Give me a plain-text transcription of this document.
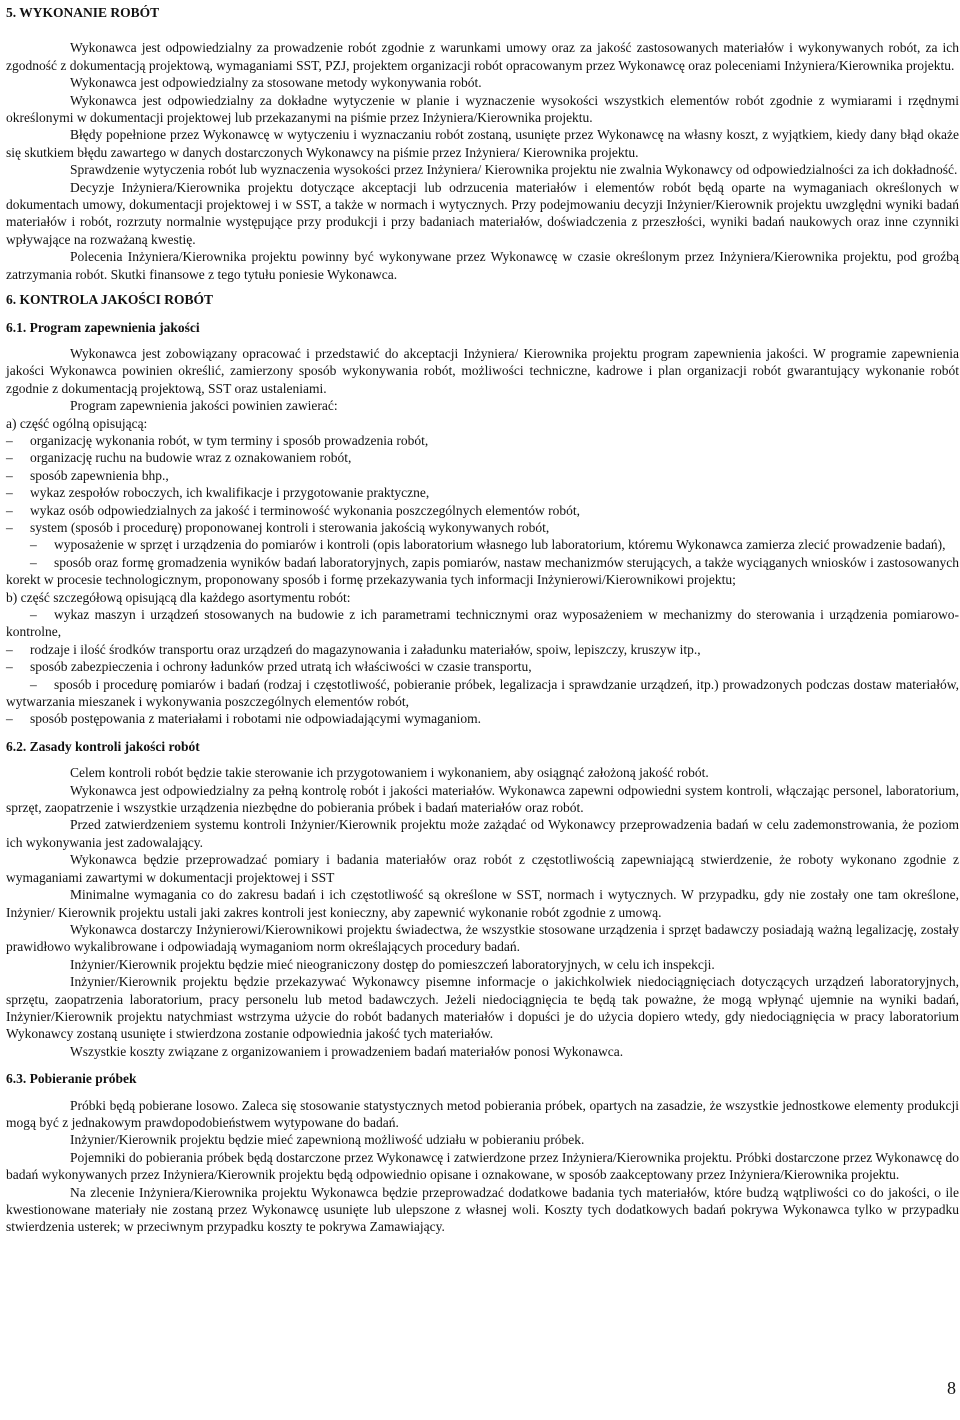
5. WYKONANIE ROBÓT

Wykonawca jest odpowiedzialny za prowadzenie robót zgodnie z warunkami umowy oraz za jakość zastosowanych materiałów i wykonywanych robót, za ich zgodność z dokumentacją projektową, wymaganiami SST, PZJ, projektem organizacji robót opracowanym przez Wykonawcę oraz poleceniami Inżyniera/Kierownika projektu.

Wykonawca jest odpowiedzialny za stosowane metody wykonywania robót.

Wykonawca jest odpowiedzialny za dokładne wytyczenie w planie i wyznaczenie wysokości wszystkich elementów robót zgodnie z wymiarami i rzędnymi określonymi w dokumentacji projektowej lub przekazanymi na piśmie przez Inżyniera/Kierownika projektu.

Błędy popełnione przez Wykonawcę w wytyczeniu i wyznaczaniu robót zostaną, usunięte przez Wykonawcę na własny koszt, z wyjątkiem, kiedy dany błąd okaże się skutkiem błędu zawartego w danych dostarczonych Wykonawcy na piśmie przez Inżyniera/ Kierownika projektu.

Sprawdzenie wytyczenia robót lub wyznaczenia wysokości przez Inżyniera/ Kierownika projektu nie zwalnia Wykonawcy od odpowiedzialności za ich dokładność.

Decyzje Inżyniera/Kierownika projektu dotyczące akceptacji lub odrzucenia materiałów i elementów robót będą oparte na wymaganiach określonych w dokumentach umowy, dokumentacji projektowej i w SST, a także w normach i wytycznych. Przy podejmowaniu decyzji Inżynier/Kierownik projektu uwzględni wyniki badań materiałów i robót, rozrzuty normalnie występujące przy produkcji i przy badaniach materiałów, doświadczenia z przeszłości, wyniki badań naukowych oraz inne czynniki wpływające na rozważaną kwestię.

Polecenia Inżyniera/Kierownika projektu powinny być wykonywane przez Wykonawcę w czasie określonym przez Inżyniera/Kierownika projektu, pod groźbą zatrzymania robót. Skutki finansowe z tego tytułu poniesie Wykonawca.

6. KONTROLA JAKOŚCI ROBÓT
6.1. Program zapewnienia jakości

Wykonawca jest zobowiązany opracować i przedstawić do akceptacji Inżyniera/ Kierownika projektu program zapewnienia jakości. W programie zapewnienia jakości Wykonawca powinien określić, zamierzony sposób wykonywania robót, możliwości techniczne, kadrowe i plan organizacji robót gwarantujący wykonanie robót zgodnie z dokumentacją projektową, SST oraz ustaleniami.

Program zapewnienia jakości powinien zawierać:

a) część ogólną opisującą:

– organizację wykonania robót, w tym terminy i sposób prowadzenia robót,
– organizację ruchu na budowie wraz z oznakowaniem robót,
– sposób zapewnienia bhp.,
– wykaz zespołów roboczych, ich kwalifikacje i przygotowanie praktyczne,
– wykaz osób odpowiedzialnych za jakość i terminowość wykonania poszczególnych elementów robót,
– system (sposób i procedurę) proponowanej kontroli i sterowania jakością wykonywanych robót,
– wyposażenie w sprzęt i urządzenia do pomiarów i kontroli (opis laboratorium własnego lub laboratorium, któremu Wykonawca zamierza zlecić prowadzenie badań),
– sposób oraz formę gromadzenia wyników badań laboratoryjnych, zapis pomiarów, nastaw mechanizmów sterujących, a także wyciąganych wniosków i zastosowanych korekt w procesie technologicznym, proponowany sposób i formę przekazywania tych informacji Inżynierowi/Kierownikowi projektu;

b) część szczegółową opisującą dla każdego asortymentu robót:

– wykaz maszyn i urządzeń stosowanych na budowie z ich parametrami technicznymi oraz wyposażeniem w mechanizmy do sterowania i urządzenia pomiarowo-kontrolne,
– rodzaje i ilość środków transportu oraz urządzeń do magazynowania i załadunku materiałów, spoiw, lepiszczy, kruszyw itp.,
– sposób zabezpieczenia i ochrony ładunków przed utratą ich właściwości w czasie transportu,
– sposób i procedurę pomiarów i badań (rodzaj i częstotliwość, pobieranie próbek, legalizacja i sprawdzanie urządzeń, itp.) prowadzonych podczas dostaw materiałów, wytwarzania mieszanek i wykonywania poszczególnych elementów robót,
– sposób postępowania z materiałami i robotami nie odpowiadającymi wymaganiom.
6.2. Zasady kontroli jakości robót

Celem kontroli robót będzie takie sterowanie ich przygotowaniem i wykonaniem, aby osiągnąć założoną jakość robót.

Wykonawca jest odpowiedzialny za pełną kontrolę robót i jakości materiałów. Wykonawca zapewni odpowiedni system kontroli, włączając personel, laboratorium, sprzęt, zaopatrzenie i wszystkie urządzenia niezbędne do pobierania próbek i badań materiałów oraz robót.

Przed zatwierdzeniem systemu kontroli Inżynier/Kierownik projektu może zażądać od Wykonawcy przeprowadzenia badań w celu zademonstrowania, że poziom ich wykonywania jest zadowalający.

Wykonawca będzie przeprowadzać pomiary i badania materiałów oraz robót z częstotliwością zapewniającą stwierdzenie, że roboty wykonano zgodnie z wymaganiami zawartymi w dokumentacji projektowej i SST

Minimalne wymagania co do zakresu badań i ich częstotliwość są określone w SST, normach i wytycznych. W przypadku, gdy nie zostały one tam określone, Inżynier/ Kierownik projektu ustali jaki zakres kontroli jest konieczny, aby zapewnić wykonanie robót zgodnie z umową.

Wykonawca dostarczy Inżynierowi/Kierownikowi projektu świadectwa, że wszystkie stosowane urządzenia i sprzęt badawczy posiadają ważną legalizację, zostały prawidłowo wykalibrowane i odpowiadają wymaganiom norm określających procedury badań.

Inżynier/Kierownik projektu będzie mieć nieograniczony dostęp do pomieszczeń laboratoryjnych, w celu ich inspekcji.

Inżynier/Kierownik projektu będzie przekazywać Wykonawcy pisemne informacje o jakichkolwiek niedociągnięciach dotyczących urządzeń laboratoryjnych, sprzętu, zaopatrzenia laboratorium, pracy personelu lub metod badawczych. Jeżeli niedociągnięcia te będą tak poważne, że mogą wpłynąć ujemnie na wyniki badań, Inżynier/Kierownik projektu natychmiast wstrzyma użycie do robót badanych materiałów i dopuści je do użycia dopiero wtedy, gdy niedociągnięcia w pracy laboratorium Wykonawcy zostaną usunięte i stwierdzona zostanie odpowiednia jakość tych materiałów.

Wszystkie koszty związane z organizowaniem i prowadzeniem badań materiałów ponosi Wykonawca.

6.3. Pobieranie próbek

Próbki będą pobierane losowo. Zaleca się stosowanie statystycznych metod pobierania próbek, opartych na zasadzie, że wszystkie jednostkowe elementy produkcji mogą być z jednakowym prawdopodobieństwem wytypowane do badań.

Inżynier/Kierownik projektu będzie mieć zapewnioną możliwość udziału w pobieraniu próbek.

Pojemniki do pobierania próbek będą dostarczone przez Wykonawcę i zatwierdzone przez Inżyniera/Kierownika projektu. Próbki dostarczone przez Wykonawcę do badań wykonywanych przez Inżyniera/Kierownik projektu będą odpowiednio opisane i oznakowane, w sposób zaakceptowany przez Inżyniera/Kierownika projektu.

Na zlecenie Inżyniera/Kierownika projektu Wykonawca będzie przeprowadzać dodatkowe badania tych materiałów, które budzą wątpliwości co do jakości, o ile kwestionowane materiały nie zostaną przez Wykonawcę usunięte lub ulepszone z własnej woli. Koszty tych dodatkowych badań pokrywa Wykonawca tylko w przypadku stwierdzenia usterek; w przeciwnym przypadku koszty te pokrywa Zamawiający.

8
